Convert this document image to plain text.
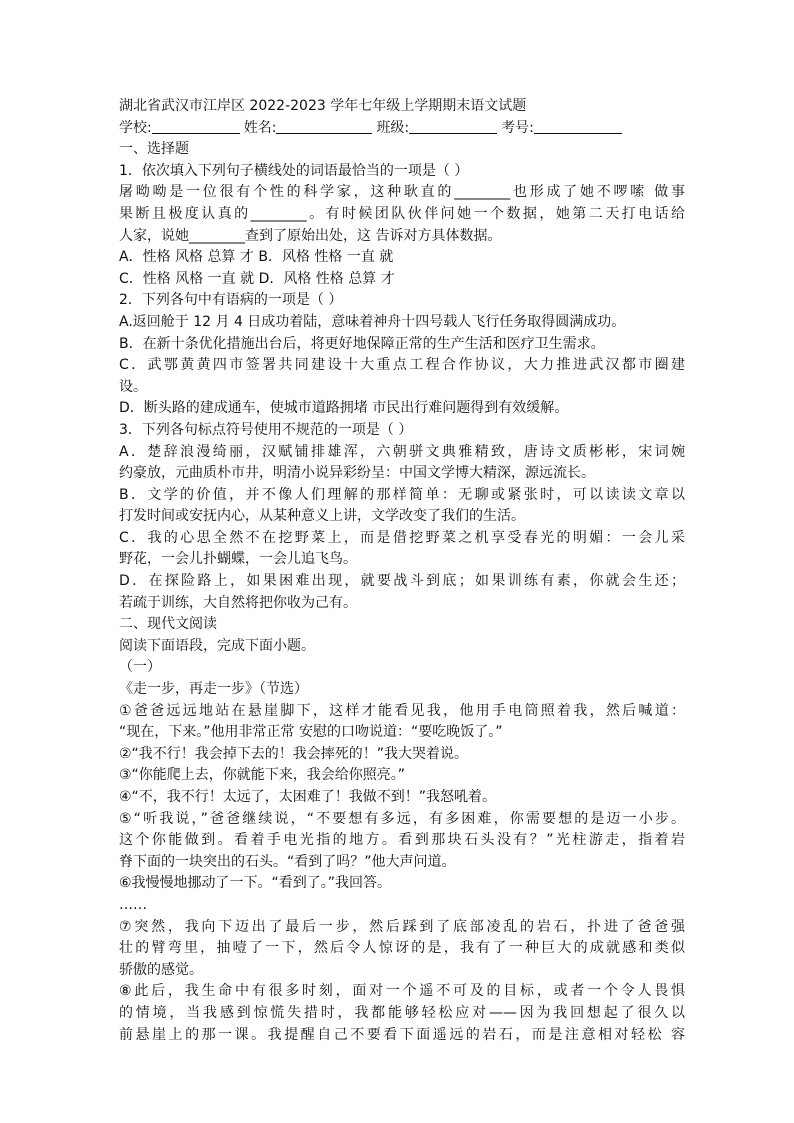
湖北省武汉市江岸区 2022-2023 学年七年级上学期期末语文试题
学校:	姓名:	班级:	考号:
一、选择题
1．依次填入下列句子横线处的词语最恰当的一项是（ ）
屠呦呦是一位很有个性的科学家，这种耿直的________也形成了她不啰嗦 做事
果断且极度认真的________。有时候团队伙伴问她一个数据，她第二天打电话给
人家，说她________查到了原始出处，这 告诉对方具体数据。
A．性格 风格 总算 才 B．风格 性格 一直 就
C．性格 风格 一直 就 D．风格 性格 总算 才
2．下列各句中有语病的一项是（ ）
A.返回舱于 12 月 4 日成功着陆，意味着神舟十四号载人飞行任务取得圆满成功。
B．在新十条优化措施出台后，将更好地保障正常的生产生活和医疗卫生需求。
C．武鄂黄黄四市签署共同建设十大重点工程合作协议，大力推进武汉都市圈建
设。
D．断头路的建成通车，使城市道路拥堵 市民出行难问题得到有效缓解。
3．下列各句标点符号使用不规范的一项是（ ）
A．楚辞浪漫绮丽，汉赋铺排雄浑，六朝骈文典雅精致，唐诗文质彬彬，宋词婉
约豪放，元曲质朴市井，明清小说异彩纷呈：中国文学博大精深，源远流长。
B．文学的价值，并不像人们理解的那样简单：无聊或紧张时，可以读读文章以
打发时间或安抚内心，从某种意义上讲，文学改变了我们的生活。
C．我的心思全然不在挖野菜上，而是借挖野菜之机享受春光的明媚：一会儿采
野花，一会儿扑蝴蝶，一会儿追飞鸟。
D．在探险路上，如果困难出现，就要战斗到底；如果训练有素，你就会生还；
若疏于训练，大自然将把你收为己有。
二、现代文阅读
阅读下面语段，完成下面小题。
（一）
《走一步，再走一步》（节选）
①爸爸远远地站在悬崖脚下，这样才能看见我，他用手电筒照着我，然后喊道：
“现在，下来。”他用非常正常 安慰的口吻说道：“要吃晚饭了。”
②“我不行！我会掉下去的！我会摔死的！”我大哭着说。
③“你能爬上去，你就能下来，我会给你照亮。”
④“不，我不行！太远了，太困难了！我做不到！”我怒吼着。
⑤“听我说，”爸爸继续说，“不要想有多远，有多困难，你需要想的是迈一小步。
这个你能做到。看着手电光指的地方。看到那块石头没有？”光柱游走，指着岩
脊下面的一块突出的石头。“看到了吗？”他大声问道。
⑥我慢慢地挪动了一下。“看到了。”我回答。
……
⑦突然，我向下迈出了最后一步，然后踩到了底部凌乱的岩石，扑进了爸爸强
壮的臂弯里，抽噎了一下，然后令人惊讶的是，我有了一种巨大的成就感和类似
骄傲的感觉。
⑧此后，我生命中有很多时刻，面对一个遥不可及的目标，或者一个令人畏惧
的情境，当我感到惊慌失措时，我都能够轻松应对——因为我回想起了很久以
前悬崖上的那一课。我提醒自己不要看下面遥远的岩石，而是注意相对轻松 容
